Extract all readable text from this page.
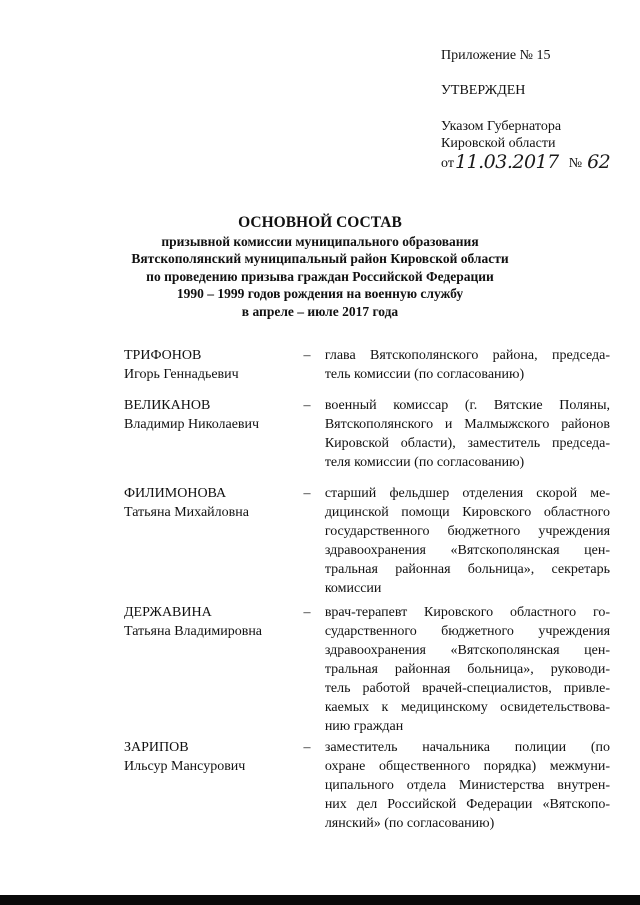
Приложение № 15
УТВЕРЖДЕН
Указом Губернатора
Кировской области
от 11.03.2017 № 62
ОСНОВНОЙ СОСТАВ
призывной комиссии муниципального образования
Вятскополянский муниципальный район Кировской области
по проведению призыва граждан Российской Федерации
1990 – 1999 годов рождения на военную службу
в апреле – июле 2017 года
ТРИФОНОВ
Игорь Геннадьевич
–	глава Вятскополянского района, председа-
тель комиссии (по согласованию)
ВЕЛИКАНОВ
Владимир Николаевич
–	военный комиссар (г. Вятские Поляны,
Вятскополянского и Малмыжского районов
Кировской области), заместитель председа-
теля комиссии (по согласованию)
ФИЛИМОНОВА
Татьяна Михайловна
–	старший фельдшер отделения скорой ме-
дицинской помощи Кировского областного
государственного бюджетного учреждения
здравоохранения «Вятскополянская цен-
тральная районная больница», секретарь
комиссии
ДЕРЖАВИНА
Татьяна Владимировна
–	врач-терапевт Кировского областного го-
сударственного бюджетного учреждения
здравоохранения «Вятскополянская цен-
тральная районная больница», руководи-
тель работой врачей-специалистов, привле-
каемых к медицинскому освидетельствова-
нию граждан
ЗАРИПОВ
Ильсур Мансурович
–	заместитель начальника полиции (по
охране общественного порядка) межмуни-
ципального отдела Министерства внутрен-
них дел Российской Федерации «Вятскопо-
лянский» (по согласованию)
